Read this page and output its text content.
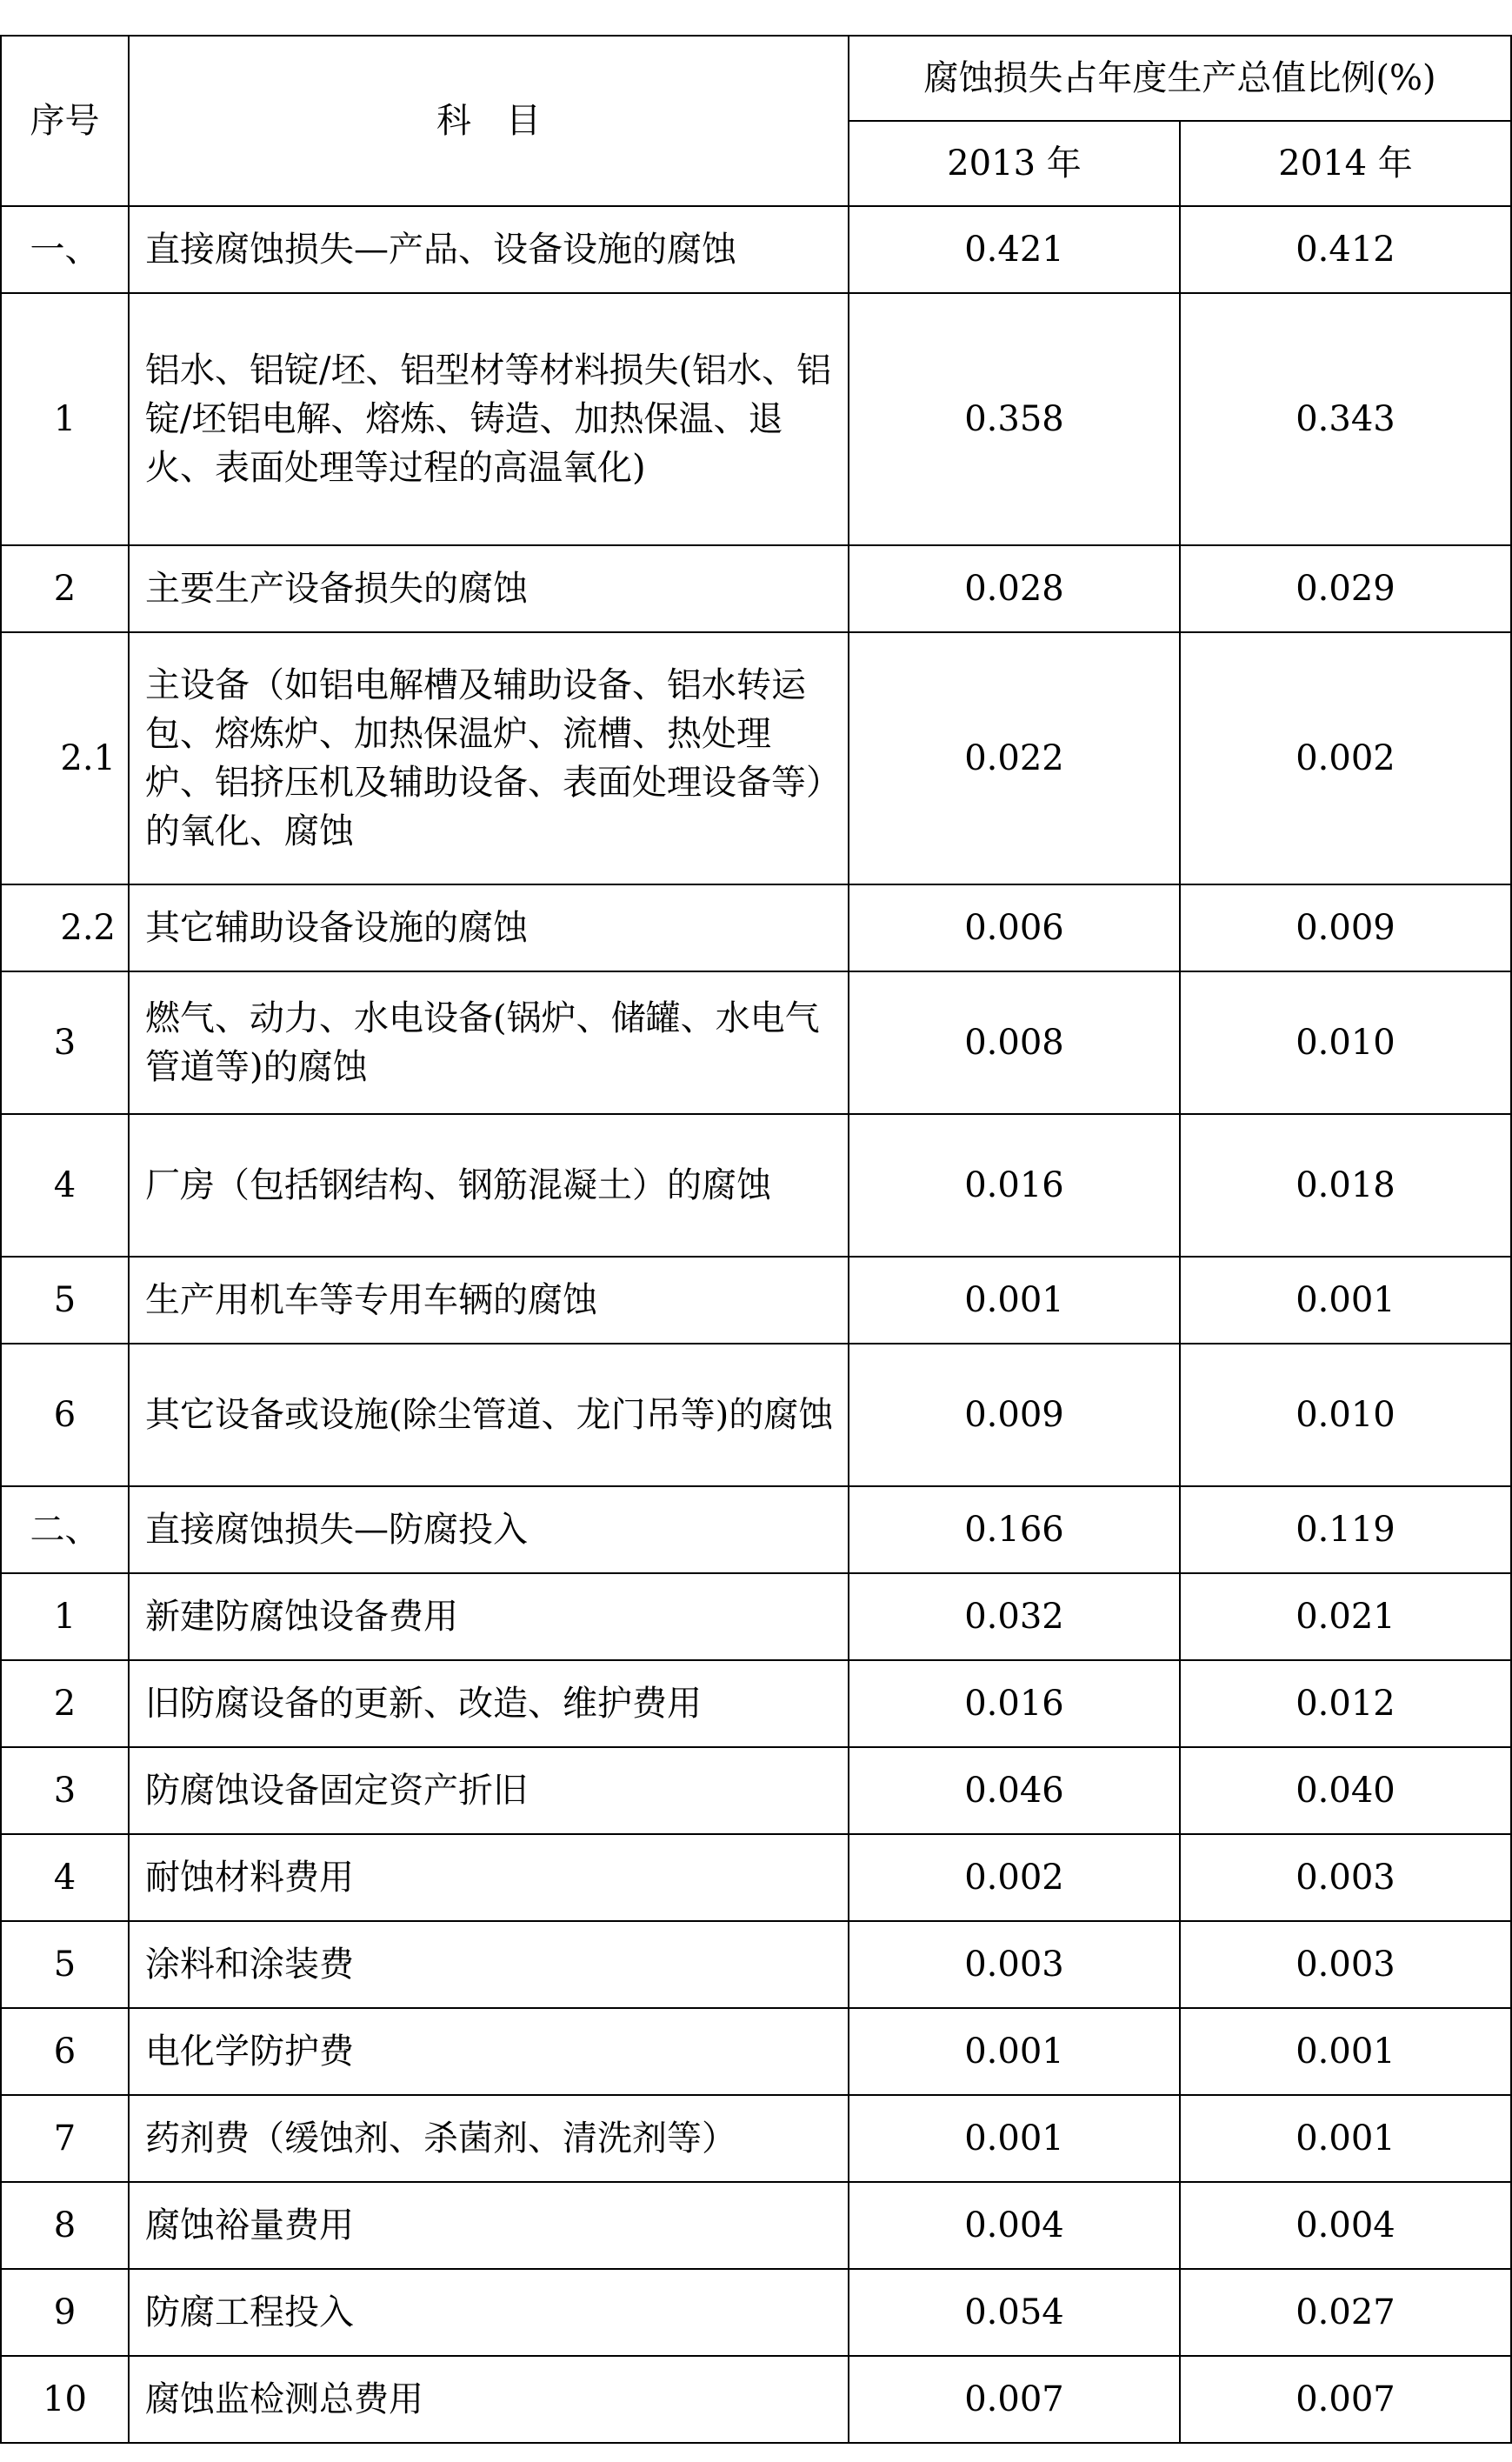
序号	科　目	腐蚀损失占年度生产总值比例(%)	
		2013 年	2014 年
一、	直接腐蚀损失—产品、设备设施的腐蚀	0.421	0.412
1	铝水、铝锭/坯、铝型材等材料损失(铝水、铝锭/坯铝电解、熔炼、铸造、加热保温、退火、表面处理等过程的高温氧化)	0.358	0.343
2	主要生产设备损失的腐蚀	0.028	0.029
2.1	主设备（如铝电解槽及辅助设备、铝水转运包、熔炼炉、加热保温炉、流槽、热处理炉、铝挤压机及辅助设备、表面处理设备等）的氧化、腐蚀	0.022	0.002
2.2	其它辅助设备设施的腐蚀	0.006	0.009
3	燃气、动力、水电设备(锅炉、储罐、水电气管道等)的腐蚀	0.008	0.010
4	厂房（包括钢结构、钢筋混凝土）的腐蚀	0.016	0.018
5	生产用机车等专用车辆的腐蚀	0.001	0.001
6	其它设备或设施(除尘管道、龙门吊等)的腐蚀	0.009	0.010
二、	直接腐蚀损失—防腐投入	0.166	0.119
1	新建防腐蚀设备费用	0.032	0.021
2	旧防腐设备的更新、改造、维护费用	0.016	0.012
3	防腐蚀设备固定资产折旧	0.046	0.040
4	耐蚀材料费用	0.002	0.003
5	涂料和涂装费	0.003	0.003
6	电化学防护费	0.001	0.001
7	药剂费（缓蚀剂、杀菌剂、清洗剂等）	0.001	0.001
8	腐蚀裕量费用	0.004	0.004
9	防腐工程投入	0.054	0.027
10	腐蚀监检测总费用	0.007	0.007
